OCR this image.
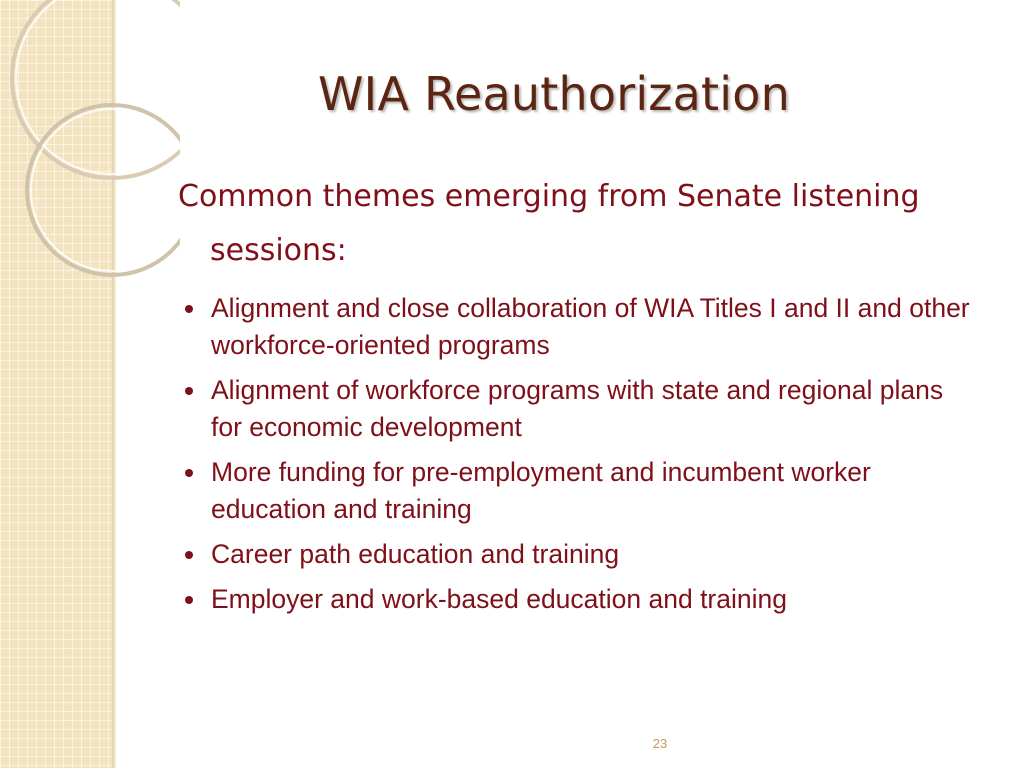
WIA Reauthorization

Common themes emerging from Senate listening sessions:

Alignment and close collaboration of WIA Titles I and II and other workforce-oriented programs
Alignment of workforce programs with state and regional plans for economic development
More funding for pre-employment and incumbent worker education and training
Career path education and training
Employer and work-based education and training
23
